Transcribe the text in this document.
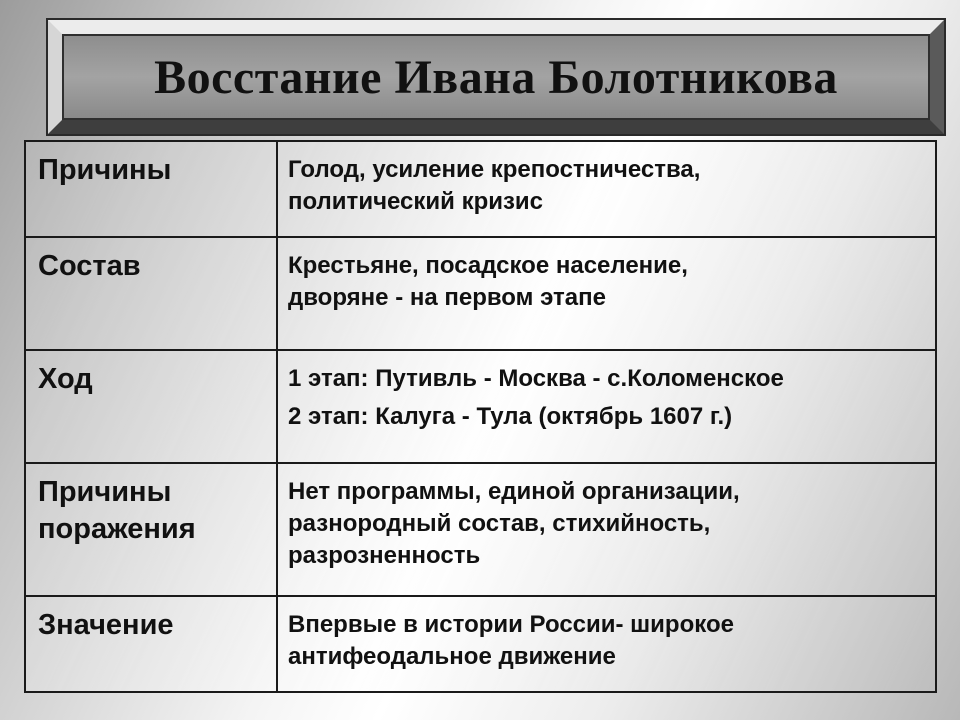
Восстание Ивана Болотникова
Причины	Голод, усиление крепостничества,
политический кризис

Состав	Крестьяне, посадское население,
дворяне - на первом этапе

Ход	1 этап: Путивль - Москва - с.Коломенское
2 этап: Калуга - Тула (октябрь 1607 г.)

Причины
поражения	Нет программы, единой организации,
разнородный состав, стихийность,
разрозненность

Значение	Впервые в истории России- широкое
антифеодальное движение
